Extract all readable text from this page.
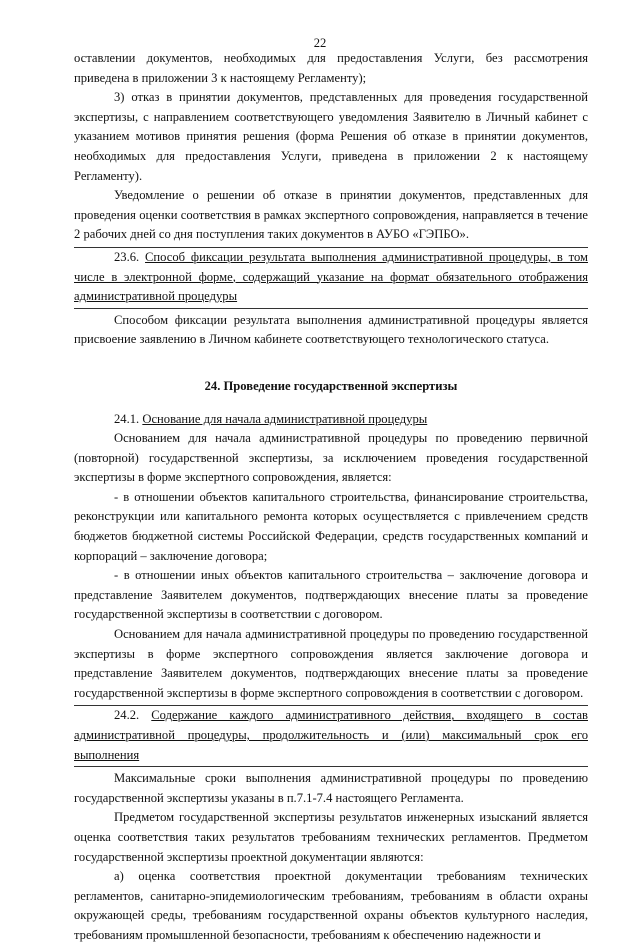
22

оставлении документов, необходимых для предоставления Услуги, без рассмотрения приведена в приложении 3 к настоящему Регламенту);

3) отказ в принятии документов, представленных для проведения государственной экспертизы, с направлением соответствующего уведомления Заявителю в Личный кабинет с указанием мотивов принятия решения (форма Решения об отказе в принятии документов, необходимых для предоставления Услуги, приведена в приложении 2 к настоящему Регламенту).

Уведомление о решении об отказе в принятии документов, представленных для проведения оценки соответствия в рамках экспертного сопровождения, направляется в течение 2 рабочих дней со дня поступления таких документов в АУБО «ГЭПБО».

23.6. Способ фиксации результата выполнения административной процедуры, в том числе в электронной форме, содержащий указание на формат обязательного отображения административной процедуры

Способом фиксации результата выполнения административной процедуры является присвоение заявлению в Личном кабинете соответствующего технологического статуса.

24. Проведение государственной экспертизы

24.1. Основание для начала административной процедуры

Основанием для начала административной процедуры по проведению первичной (повторной) государственной экспертизы, за исключением проведения государственной экспертизы в форме экспертного сопровождения, является:

- в отношении объектов капитального строительства, финансирование строительства, реконструкции или капитального ремонта которых осуществляется с привлечением средств бюджетов бюджетной системы Российской Федерации, средств государственных компаний и корпораций – заключение договора;

- в отношении иных объектов капитального строительства – заключение договора и представление Заявителем документов, подтверждающих внесение платы за проведение государственной экспертизы в соответствии с договором.

Основанием для начала административной процедуры по проведению государственной экспертизы в форме экспертного сопровождения является заключение договора и представление Заявителем документов, подтверждающих внесение платы за проведение государственной экспертизы в форме экспертного сопровождения в соответствии с договором.

24.2. Содержание каждого административного действия, входящего в состав административной процедуры, продолжительность и (или) максимальный срок его выполнения

Максимальные сроки выполнения административной процедуры по проведению государственной экспертизы указаны в п.7.1-7.4 настоящего Регламента.

Предметом государственной экспертизы результатов инженерных изысканий является оценка соответствия таких результатов требованиям технических регламентов. Предметом государственной экспертизы проектной документации являются:

а) оценка соответствия проектной документации требованиям технических регламентов, санитарно-эпидемиологическим требованиям, требованиям в области охраны окружающей среды, требованиям государственной охраны объектов культурного наследия, требованиям промышленной безопасности, требованиям к обеспечению надежности и
